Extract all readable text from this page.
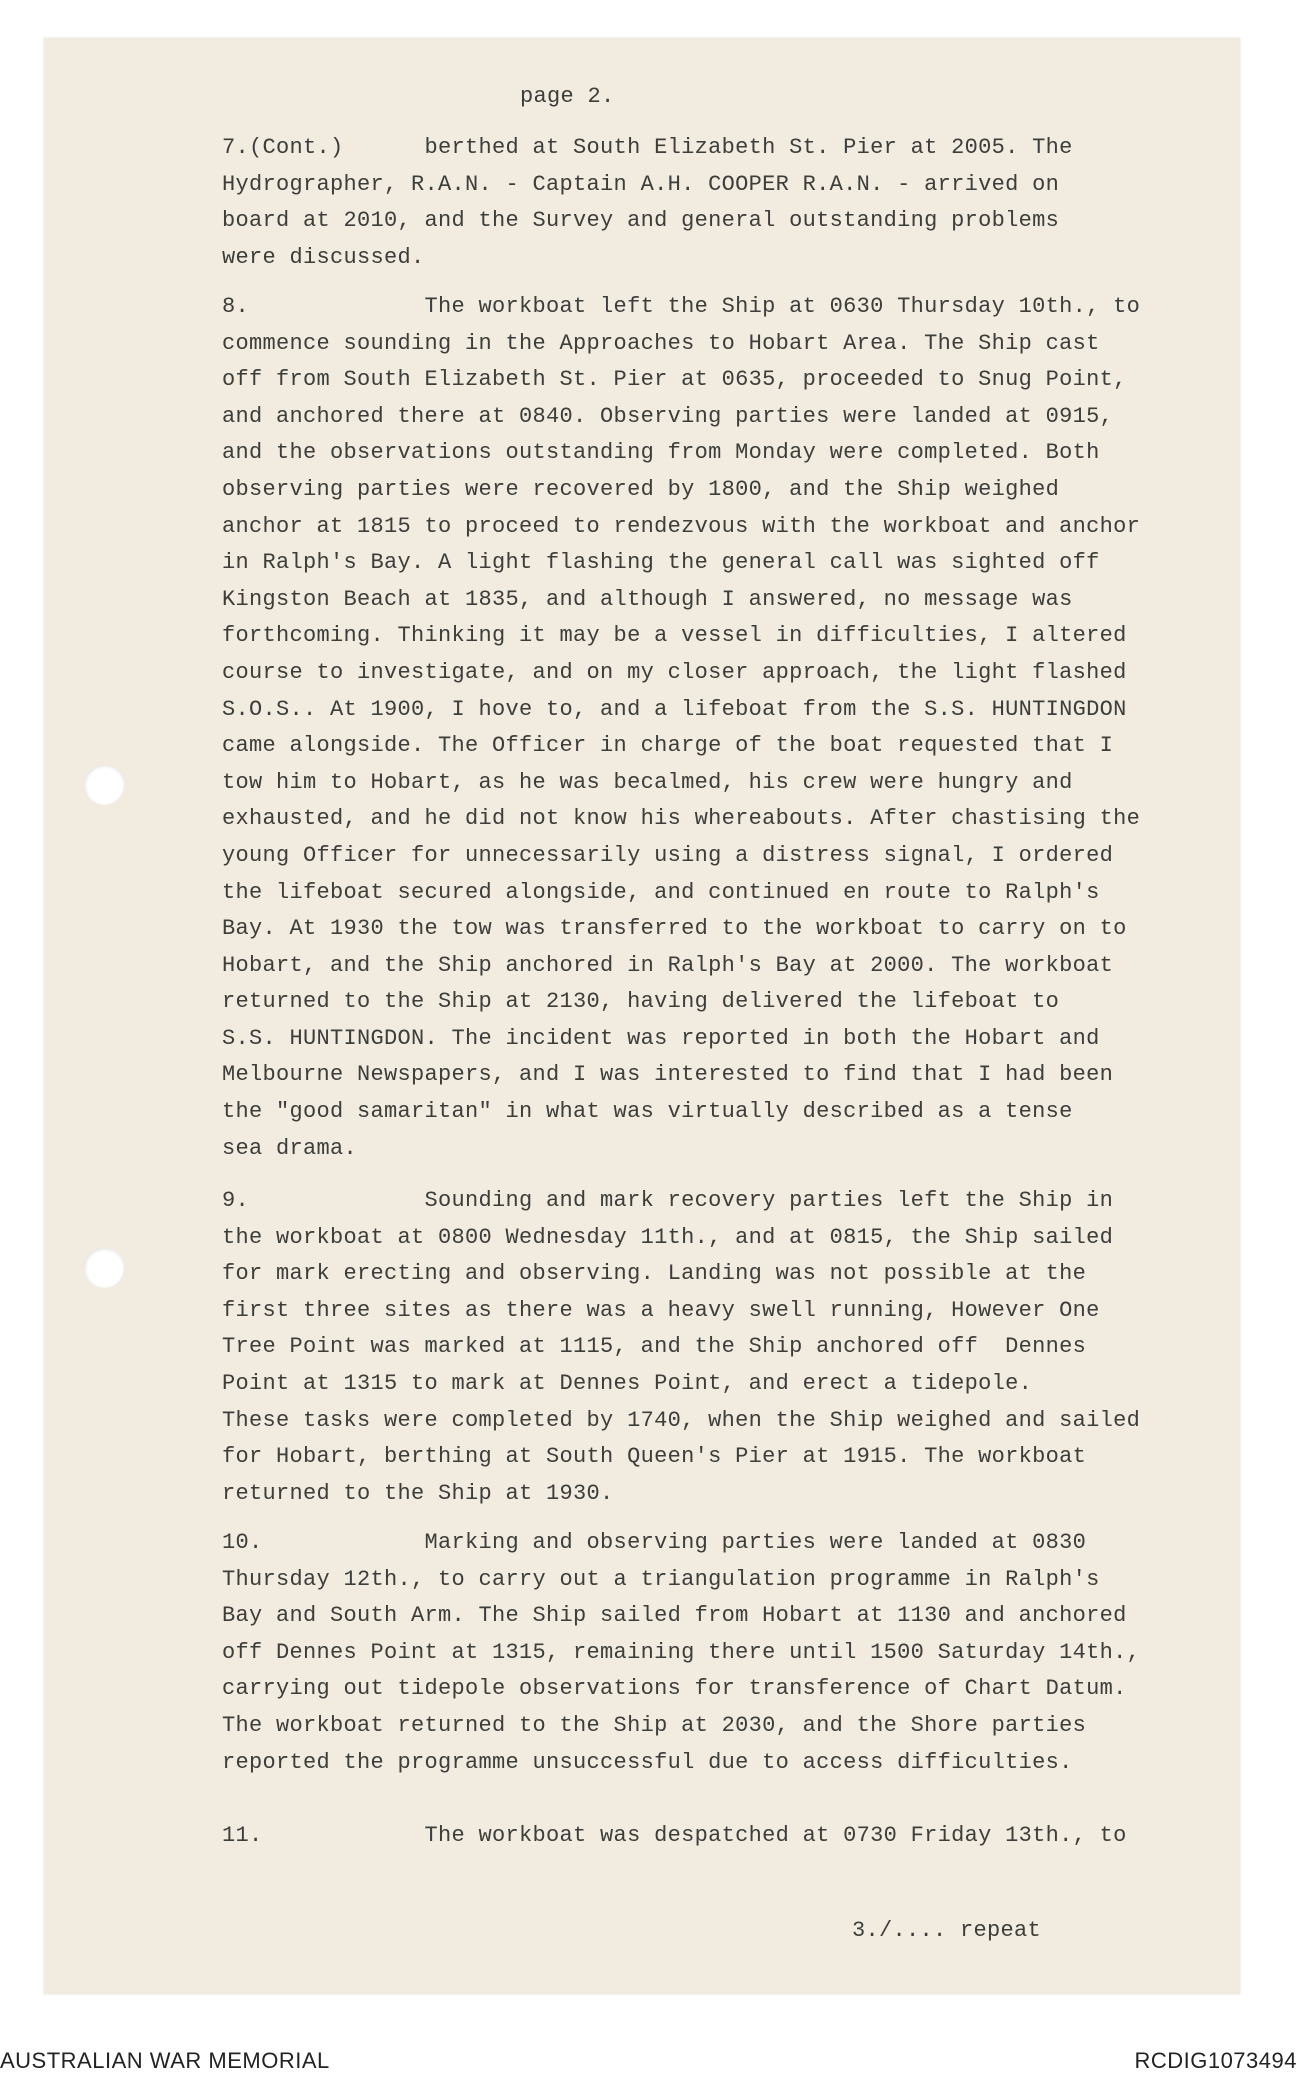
page 2.

7.(Cont.)      berthed at South Elizabeth St. Pier at 2005. The
Hydrographer, R.A.N. - Captain A.H. COOPER R.A.N. - arrived on
board at 2010, and the Survey and general outstanding problems
were discussed.

8.             The workboat left the Ship at 0630 Thursday 10th., to
commence sounding in the Approaches to Hobart Area. The Ship cast
off from South Elizabeth St. Pier at 0635, proceeded to Snug Point,
and anchored there at 0840. Observing parties were landed at 0915,
and the observations outstanding from Monday were completed. Both
observing parties were recovered by 1800, and the Ship weighed
anchor at 1815 to proceed to rendezvous with the workboat and anchor
in Ralph's Bay. A light flashing the general call was sighted off
Kingston Beach at 1835, and although I answered, no message was
forthcoming. Thinking it may be a vessel in difficulties, I altered
course to investigate, and on my closer approach, the light flashed
S.O.S.. At 1900, I hove to, and a lifeboat from the S.S. HUNTINGDON
came alongside. The Officer in charge of the boat requested that I
tow him to Hobart, as he was becalmed, his crew were hungry and
exhausted, and he did not know his whereabouts. After chastising the
young Officer for unnecessarily using a distress signal, I ordered
the lifeboat secured alongside, and continued en route to Ralph's
Bay. At 1930 the tow was transferred to the workboat to carry on to
Hobart, and the Ship anchored in Ralph's Bay at 2000. The workboat
returned to the Ship at 2130, having delivered the lifeboat to
S.S. HUNTINGDON. The incident was reported in both the Hobart and
Melbourne Newspapers, and I was interested to find that I had been
the "good samaritan" in what was virtually described as a tense
sea drama.

9.             Sounding and mark recovery parties left the Ship in
the workboat at 0800 Wednesday 11th., and at 0815, the Ship sailed
for mark erecting and observing. Landing was not possible at the
first three sites as there was a heavy swell running, However One
Tree Point was marked at 1115, and the Ship anchored off  Dennes
Point at 1315 to mark at Dennes Point, and erect a tidepole.
These tasks were completed by 1740, when the Ship weighed and sailed
for Hobart, berthing at South Queen's Pier at 1915. The workboat
returned to the Ship at 1930.

10.            Marking and observing parties were landed at 0830
Thursday 12th., to carry out a triangulation programme in Ralph's
Bay and South Arm. The Ship sailed from Hobart at 1130 and anchored
off Dennes Point at 1315, remaining there until 1500 Saturday 14th.,
carrying out tidepole observations for transference of Chart Datum.
The workboat returned to the Ship at 2030, and the Shore parties
reported the programme unsuccessful due to access difficulties.

11.            The workboat was despatched at 0730 Friday 13th., to

3./.... repeat
AUSTRALIAN WAR MEMORIAL	RCDIG1073494
